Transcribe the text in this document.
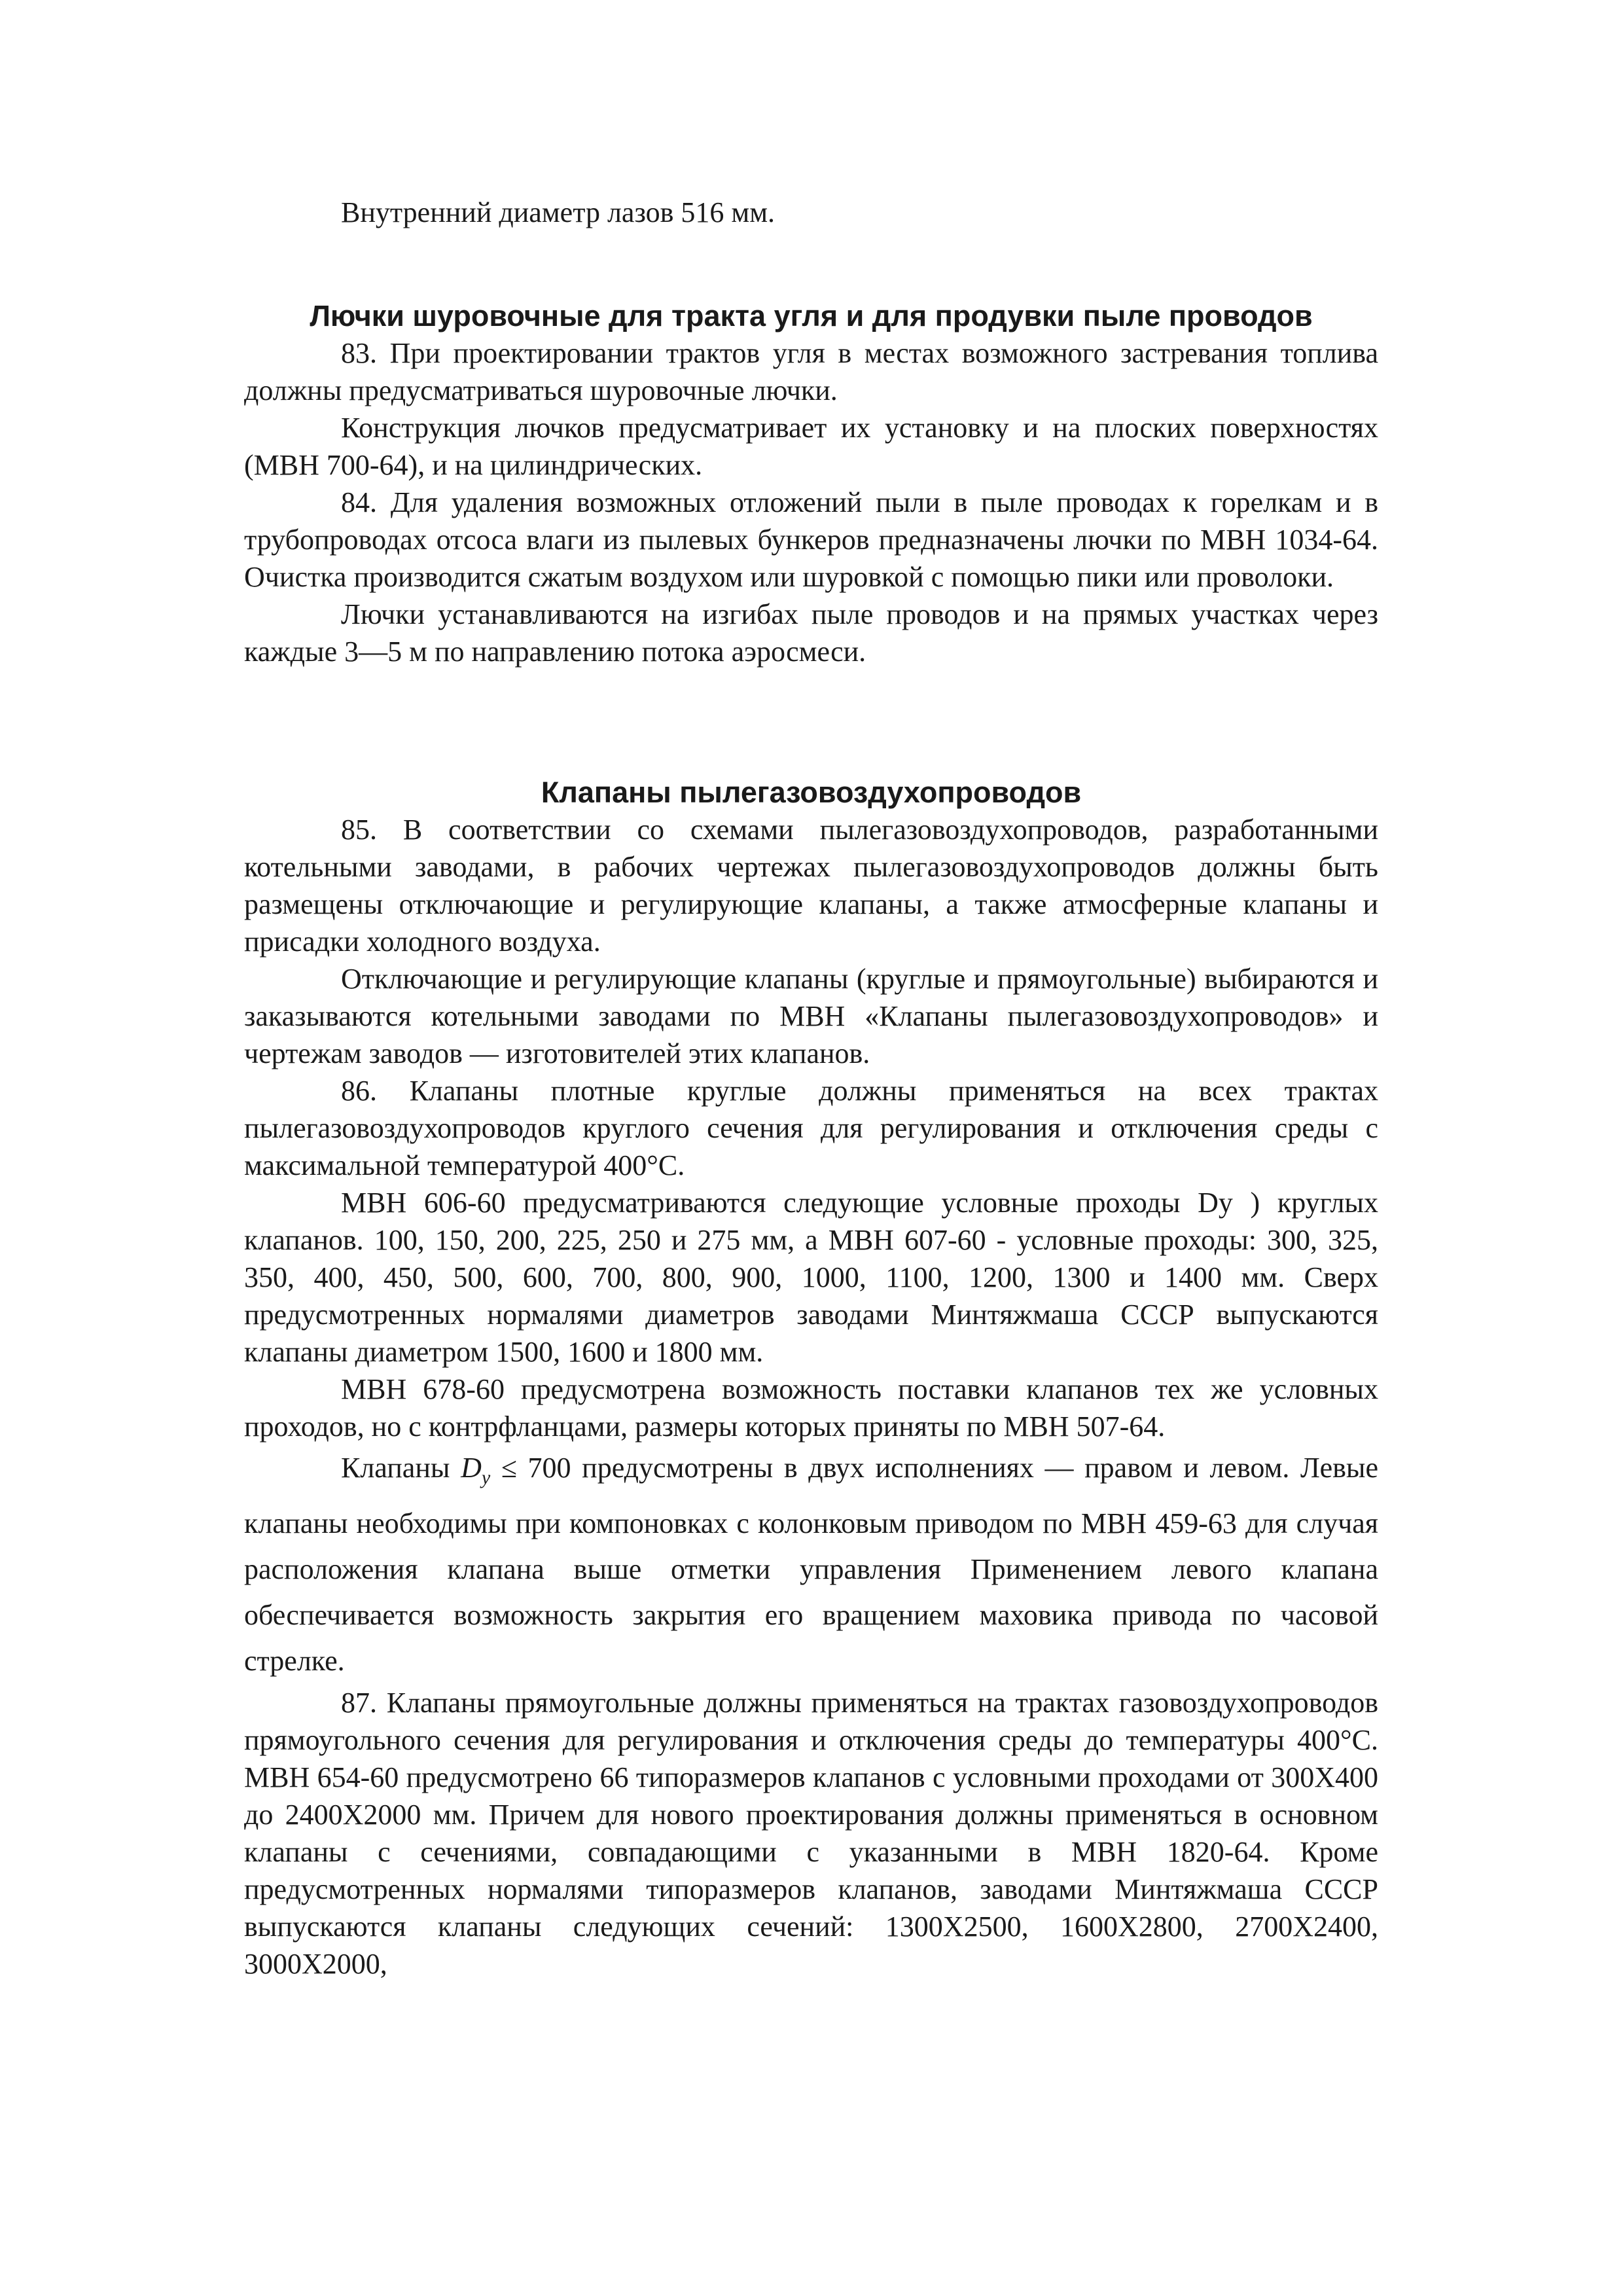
Внутренний диаметр лазов 516 мм.

Лючки шуровочные для тракта угля и для продувки пыле проводов

83. При проектировании трактов угля в местах возможного застревания топлива должны предусматриваться шуровочные лючки.

Конструкция лючков предусматривает их установку и на плоских поверхностях (МВН 700-64), и на цилиндрических.

84. Для удаления возможных отложений пыли в пыле проводах к горелкам и в трубопроводах отсоса влаги из пылевых бункеров предназначены лючки по МВН 1034-64. Очистка производится сжатым воздухом или шуровкой с помощью пики или проволоки.

Лючки устанавливаются на изгибах пыле проводов и на прямых участках через каждые 3—5 м по направлению потока аэросмеси.

Клапаны пылегазовоздухопроводов

85. В соответствии со схемами пылегазовоздухопроводов, разработанными котельными заводами, в рабочих чертежах пылегазовоздухопроводов должны быть размещены отключающие и регулирующие клапаны, а также атмосферные клапаны и присадки холодного воздуха.

Отключающие и регулирующие клапаны (круглые и прямоугольные) выбираются и заказываются котельными заводами по МВН «Клапаны пылегазовоздухопроводов» и чертежам заводов — изготовителей этих клапанов.

86. Клапаны плотные круглые должны применяться на всех трактах пылегазовоздухопроводов круглого сечения для регулирования и отключения среды с максимальной температурой 400°С.

МВН 606-60 предусматриваются следующие условные проходы Dу ) круглых клапанов. 100, 150, 200, 225, 250 и 275 мм, а МВН 607-60 - условные проходы: 300, 325, 350, 400, 450, 500, 600, 700, 800, 900, 1000, 1100, 1200, 1300 и 1400 мм. Сверх предусмотренных нормалями диаметров заводами Минтяжмаша СССР выпускаются клапаны диаметром 1500, 1600 и 1800 мм.

МВН 678-60 предусмотрена возможность поставки клапанов тех же условных проходов, но с контрфланцами, размеры которых приняты по МВН 507-64.

Клапаны $D_y \le 700$ предусмотрены в двух исполнениях — правом и левом. Левые клапаны необходимы при компоновках с колонковым приводом по МВН 459-63 для случая расположения клапана выше отметки управления Применением левого клапана обеспечивается возможность закрытия его вращением маховика привода по часовой стрелке.

87. Клапаны прямоугольные должны применяться на трактах газовоздухопроводов прямоугольного сечения для регулирования и отключения среды до температуры 400°С. МВН 654-60 предусмотрено 66 типоразмеров клапанов с условными проходами от 300Х400 до 2400Х2000 мм. Причем для нового проектирования должны применяться в основном клапаны с сечениями, совпадающими с указанными в МВН 1820-64. Кроме предусмотренных нормалями типоразмеров клапанов, заводами Минтяжмаша СССР выпускаются клапаны следующих сечений: 1300Х2500, 1600Х2800, 2700Х2400, 3000Х2000,
